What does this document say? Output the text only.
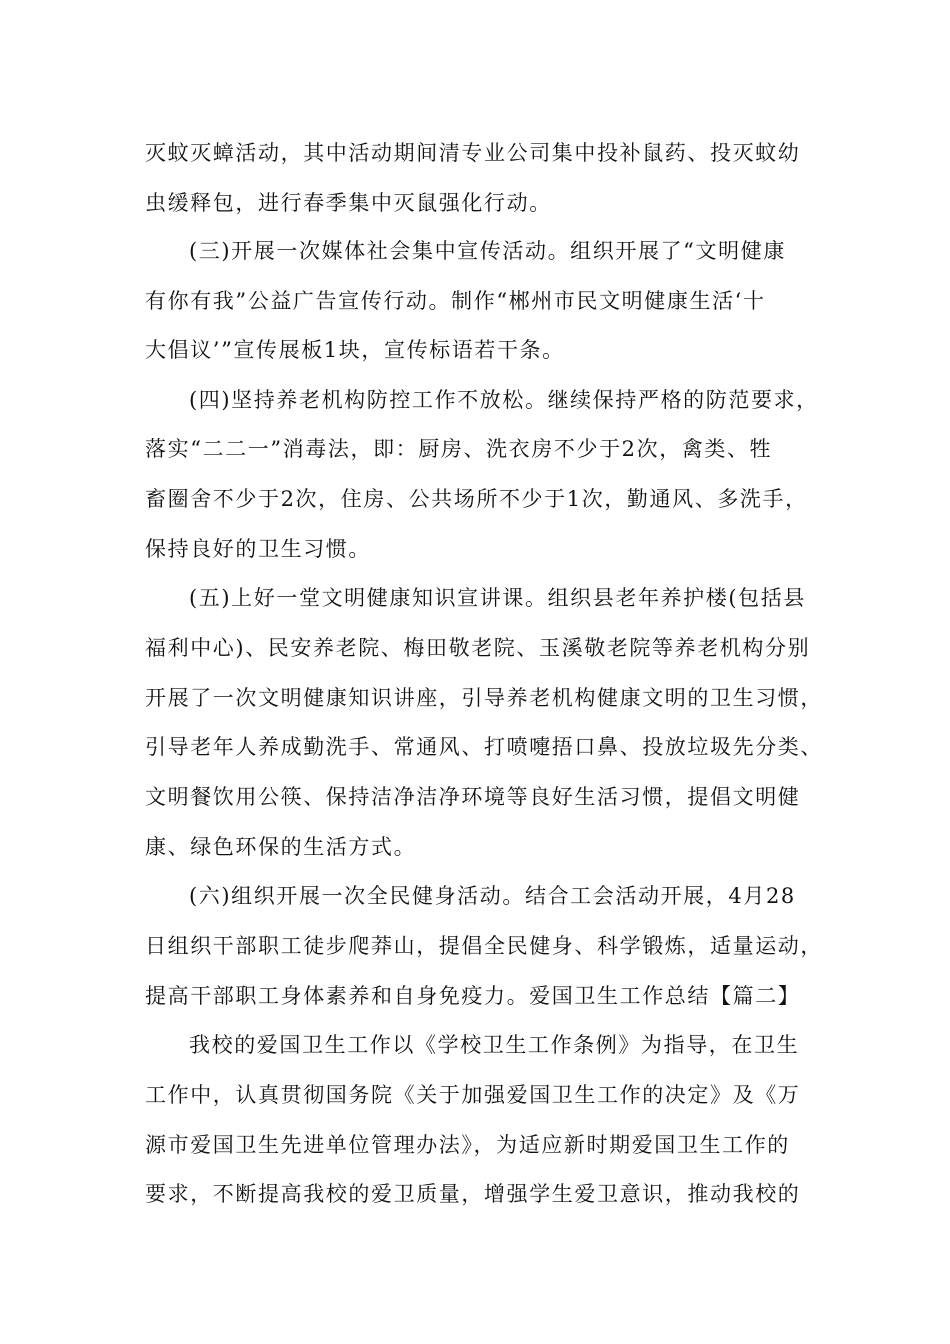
灭蚊灭蟑活动，其中活动期间清专业公司集中投补鼠药、投灭蚊幼
虫缓释包，进行春季集中灭鼠强化行动。
(三)开展一次媒体社会集中宣传活动。组织开展了“文明健康
有你有我”公益广告宣传行动。制作“郴州市民文明健康生活‘十
大倡议’”宣传展板1块，宣传标语若干条。
(四)坚持养老机构防控工作不放松。继续保持严格的防范要求，
落实“二二一”消毒法，即：厨房、洗衣房不少于2次，禽类、牲
畜圈舍不少于2次，住房、公共场所不少于1次，勤通风、多洗手，
保持良好的卫生习惯。
(五)上好一堂文明健康知识宣讲课。组织县老年养护楼(包括县
福利中心)、民安养老院、梅田敬老院、玉溪敬老院等养老机构分别
开展了一次文明健康知识讲座，引导养老机构健康文明的卫生习惯，
引导老年人养成勤洗手、常通风、打喷嚏捂口鼻、投放垃圾先分类、
文明餐饮用公筷、保持洁净洁净环境等良好生活习惯，提倡文明健
康、绿色环保的生活方式。
(六)组织开展一次全民健身活动。结合工会活动开展，4月28
日组织干部职工徒步爬莽山，提倡全民健身、科学锻炼，适量运动，
提高干部职工身体素养和自身免疫力。爱国卫生工作总结【篇二】
我校的爱国卫生工作以《学校卫生工作条例》为指导，在卫生
工作中，认真贯彻国务院《关于加强爱国卫生工作的决定》及《万
源市爱国卫生先进单位管理办法》，为适应新时期爱国卫生工作的
要求，不断提高我校的爱卫质量，增强学生爱卫意识，推动我校的
